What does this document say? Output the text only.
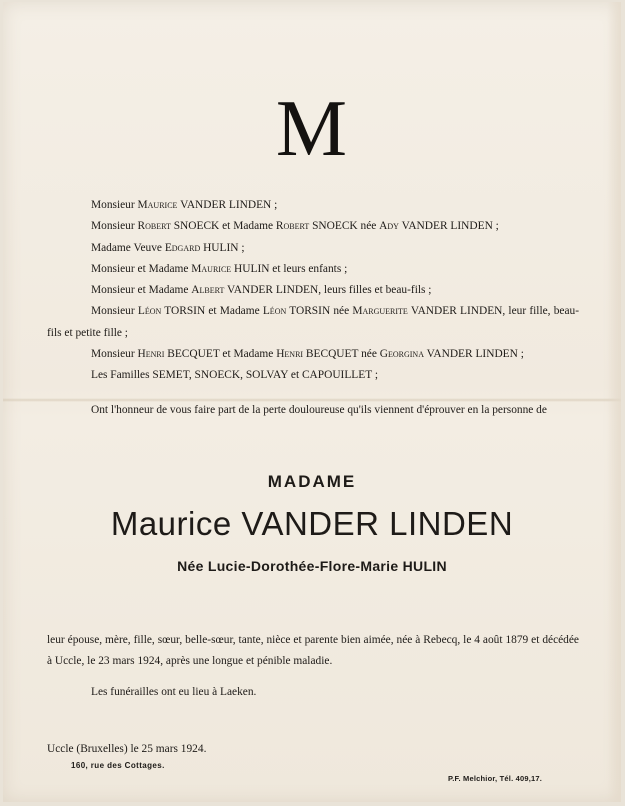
M

Monsieur Maurice VANDER LINDEN ;

Monsieur Robert SNOECK et Madame Robert SNOECK née Ady VANDER LINDEN ;

Madame Veuve Edgard HULIN ;

Monsieur et Madame Maurice HULIN et leurs enfants ;

Monsieur et Madame Albert VANDER LINDEN, leurs filles et beau-fils ;

Monsieur Léon TORSIN et Madame Léon TORSIN née Marguerite VANDER LINDEN, leur fille, beau-fils et petite fille ;

Monsieur Henri BECQUET et Madame Henri BECQUET née Georgina VANDER LINDEN ;

Les Familles SEMET, SNOECK, SOLVAY et CAPOUILLET ;

Ont l'honneur de vous faire part de la perte douloureuse qu'ils viennent d'éprouver en la personne de

MADAME
Maurice VANDER LINDEN
Née Lucie-Dorothée-Flore-Marie HULIN

leur épouse, mère, fille, sœur, belle-sœur, tante, nièce et parente bien aimée, née à Rebecq, le 4 août 1879 et décédée à Uccle, le 23 mars 1924, après une longue et pénible maladie.

Les funérailles ont eu lieu à Laeken.
Uccle (Bruxelles) le 25 mars 1924.
160, rue des Cottages.
P.F. Melchior, Tél. 409,17.
